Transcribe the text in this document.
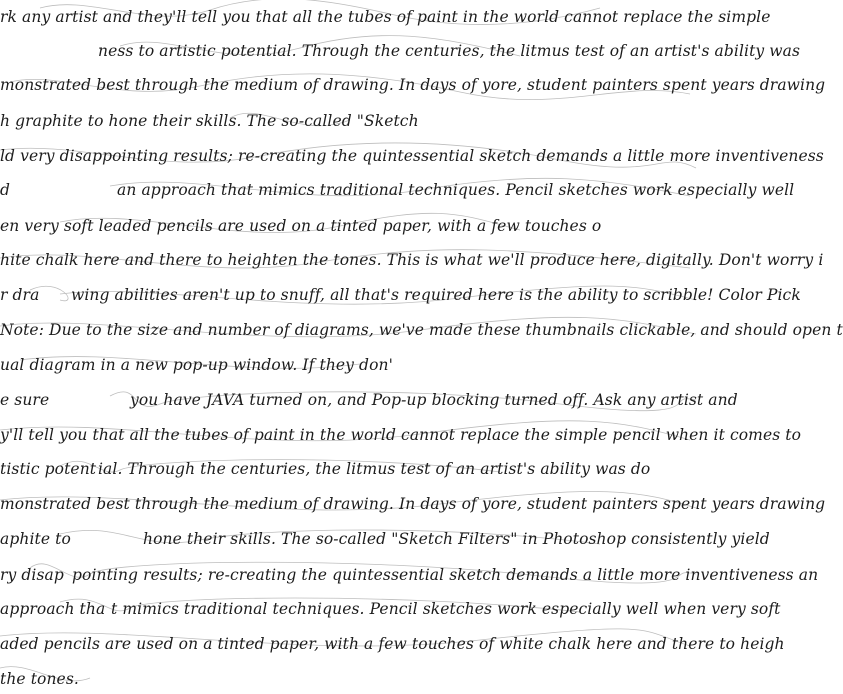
rk any artist and they'll tell you that all the tubes of paint in the world cannot replace the simple
ness to artistic potential. Through the centuries, the litmus test of an artist's ability was
monstrated best through the medium of drawing. In days of yore, student painters spent years drawing
h graphite to hone their skills. The so-called "Sketch
ld very disappointing results; re-creating the quintessential sketch demands a little more inventiveness
d	an approach that mimics traditional techniques. Pencil sketches work especially well
en very soft leaded pencils are used on a tinted paper, with a few touches o
hite chalk here and there to heighten the tones. This is what we'll produce here, digitally. Don't worry i
r dra wing abilities aren't up to snuff, all that's required here is the ability to scribble! Color Pick
Note: Due to the size and number of diagrams, we've made these thumbnails clickable, and should open t
ual diagram in a new pop-up window. If they don'
e sure	you have JAVA turned on, and Pop-up blocking turned off. Ask any artist and
y'll tell you that all the tubes of paint in the world cannot replace the simple pencil when it comes to
tistic potent ial. Through the centuries, the litmus test of an artist's ability was do
monstrated best through the medium of drawing. In days of yore, student painters spent years drawing
aphite to	hone their skills. The so-called "Sketch Filters" in Photoshop consistently yield
ry disap pointing results; re-creating the quintessential sketch demands a little more inventiveness an
approach tha t mimics traditional techniques. Pencil sketches work especially well when very soft
aded pencils are used on a tinted paper, with a few touches of white chalk here and there to heigh
the tones.
